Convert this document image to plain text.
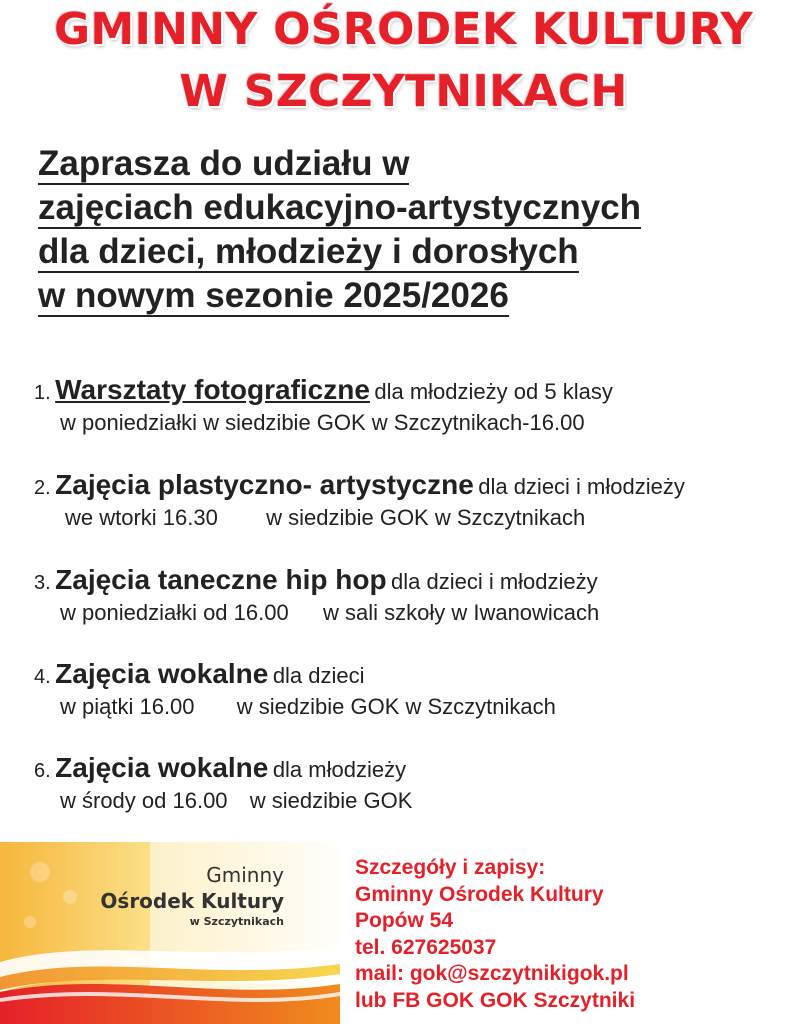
GMINNY OŚRODEK KULTURY
W SZCZYTNIKACH
Zaprasza do udziału w
zajęciach edukacyjno-artystycznych
dla dzieci, młodzieży i dorosłych
w nowym sezonie 2025/2026
1. Warsztaty fotograficzne dla młodzieży od 5 klasy
w poniedziałki w siedzibie GOK w Szczytnikach-16.00
2. Zajęcia plastyczno- artystyczne dla dzieci i młodzieży
we wtorki 16.30 w siedzibie GOK w Szczytnikach
3. Zajęcia taneczne hip hop dla dzieci i młodzieży
w poniedziałki od 16.00 w sali szkoły w Iwanowicach
4. Zajęcia wokalne dla dzieci
w piątki 16.00 w siedzibie GOK w Szczytnikach
6. Zajęcia wokalne dla młodzieży
w środy od 16.00 w siedzibie GOK
Gminny
Ośrodek Kultury
w Szczytnikach
Szczegóły i zapisy:
Gminny Ośrodek Kultury
Popów 54
tel. 627625037
mail: gok@szczytnikigok.pl
lub FB GOK GOK Szczytniki
